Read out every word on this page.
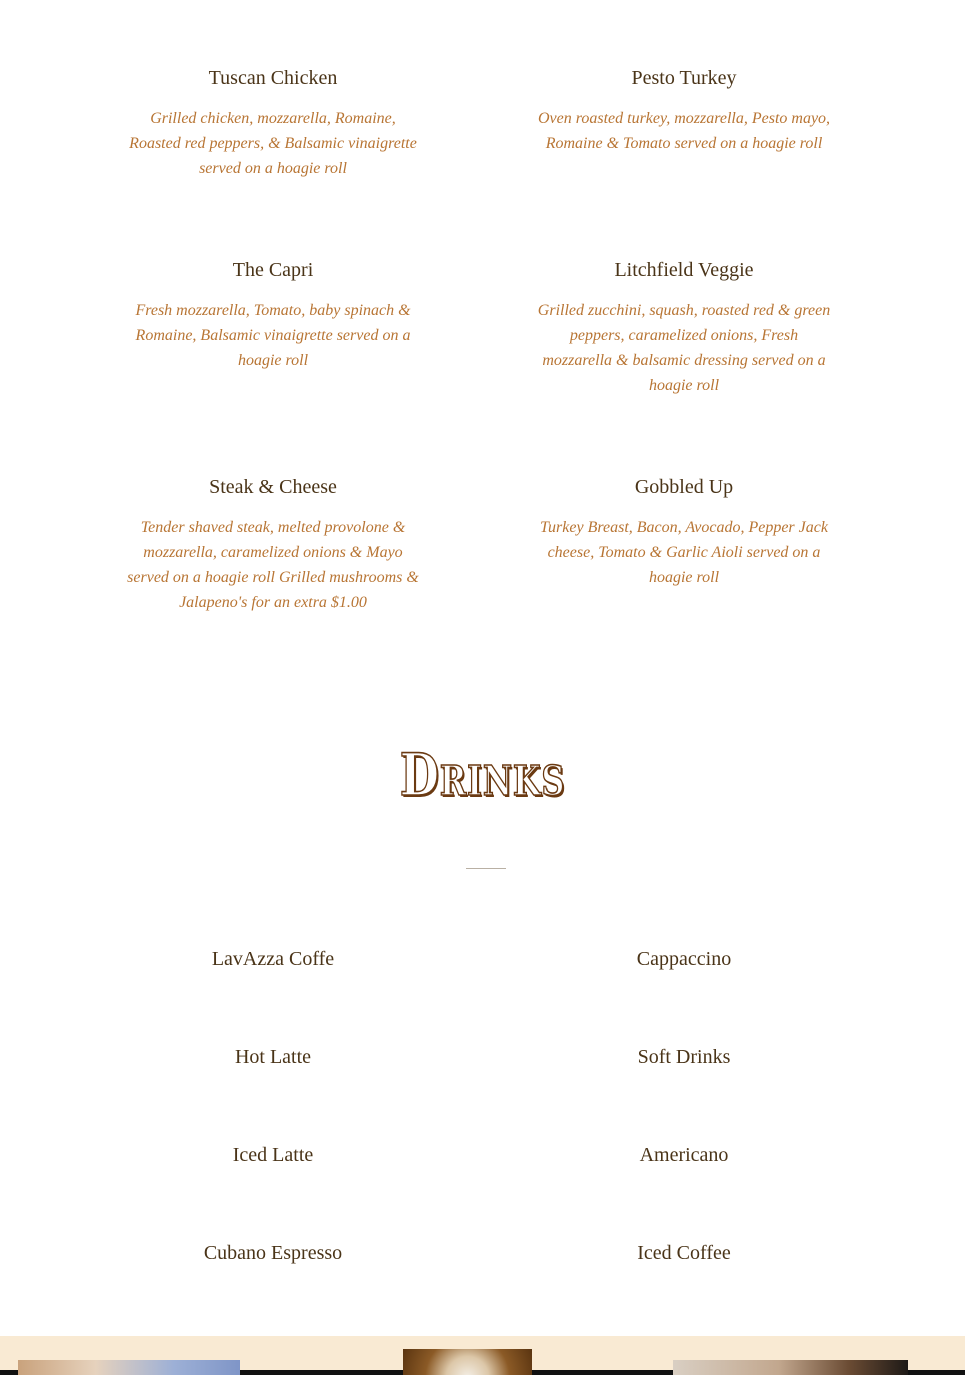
Tuscan Chicken
Grilled chicken, mozzarella, Romaine, Roasted red peppers, & Balsamic vinaigrette served on a hoagie roll
Pesto Turkey
Oven roasted turkey, mozzarella, Pesto mayo, Romaine & Tomato served on a hoagie roll
The Capri
Fresh mozzarella, Tomato, baby spinach & Romaine, Balsamic vinaigrette served on a hoagie roll
Litchfield Veggie
Grilled zucchini, squash, roasted red & green peppers, caramelized onions, Fresh mozzarella & balsamic dressing served on a hoagie roll
Steak & Cheese
Tender shaved steak, melted provolone & mozzarella, caramelized onions & Mayo served on a hoagie roll Grilled mushrooms & Jalapeno's for an extra $1.00
Gobbled Up
Turkey Breast, Bacon, Avocado, Pepper Jack cheese, Tomato & Garlic Aioli served on a hoagie roll
Drinks
LavAzza Coffe	Cappaccino
Hot Latte	Soft Drinks
Iced Latte	Americano
Cubano Espresso	Iced Coffee
